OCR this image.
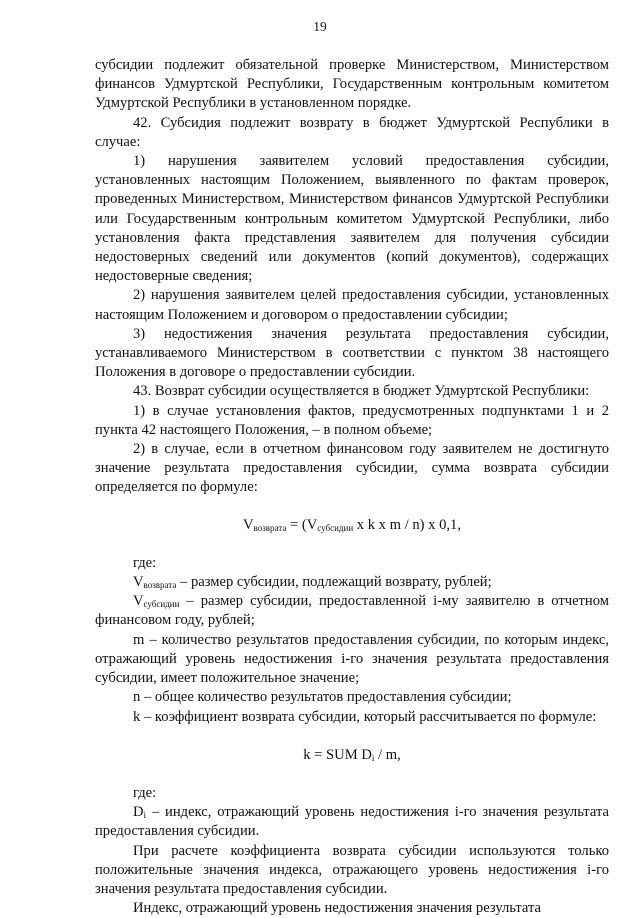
19

субсидии подлежит обязательной проверке Министерством, Министерством финансов Удмуртской Республики, Государственным контрольным комитетом Удмуртской Республики в установленном порядке.

42. Субсидия подлежит возврату в бюджет Удмуртской Республики в случае:

1) нарушения заявителем условий предоставления субсидии, установленных настоящим Положением, выявленного по фактам проверок, проведенных Министерством, Министерством финансов Удмуртской Республики или Государственным контрольным комитетом Удмуртской Республики, либо установления факта представления заявителем для получения субсидии недостоверных сведений или документов (копий документов), содержащих недостоверные сведения;

2) нарушения заявителем целей предоставления субсидии, установленных настоящим Положением и договором о предоставлении субсидии;

3) недостижения значения результата предоставления субсидии, устанавливаемого Министерством в соответствии с пунктом 38 настоящего Положения в договоре о предоставлении субсидии.

43. Возврат субсидии осуществляется в бюджет Удмуртской Республики:

1) в случае установления фактов, предусмотренных подпунктами 1 и 2 пункта 42 настоящего Положения, – в полном объеме;

2) в случае, если в отчетном финансовом году заявителем не достигнуто значение результата предоставления субсидии, сумма возврата субсидии определяется по формуле:

$V_{возврата} = (V_{субсидии}$ x k x m / n) x 0,1,

где:

$V_{возврата}$ – размер субсидии, подлежащий возврату, рублей;

$V_{субсидии}$ – размер субсидии, предоставленной i-му заявителю в отчетном финансовом году, рублей;

m – количество результатов предоставления субсидии, по которым индекс, отражающий уровень недостижения i-го значения результата предоставления субсидии, имеет положительное значение;

n – общее количество результатов предоставления субсидии;

k – коэффициент возврата субсидии, который рассчитывается по формуле:

k = SUM $D_i$ / m,

где:

$D_i$ – индекс, отражающий уровень недостижения i-го значения результата предоставления субсидии.

При расчете коэффициента возврата субсидии используются только положительные значения индекса, отражающего уровень недостижения i-го значения результата предоставления субсидии.

Индекс, отражающий уровень недостижения значения результата
